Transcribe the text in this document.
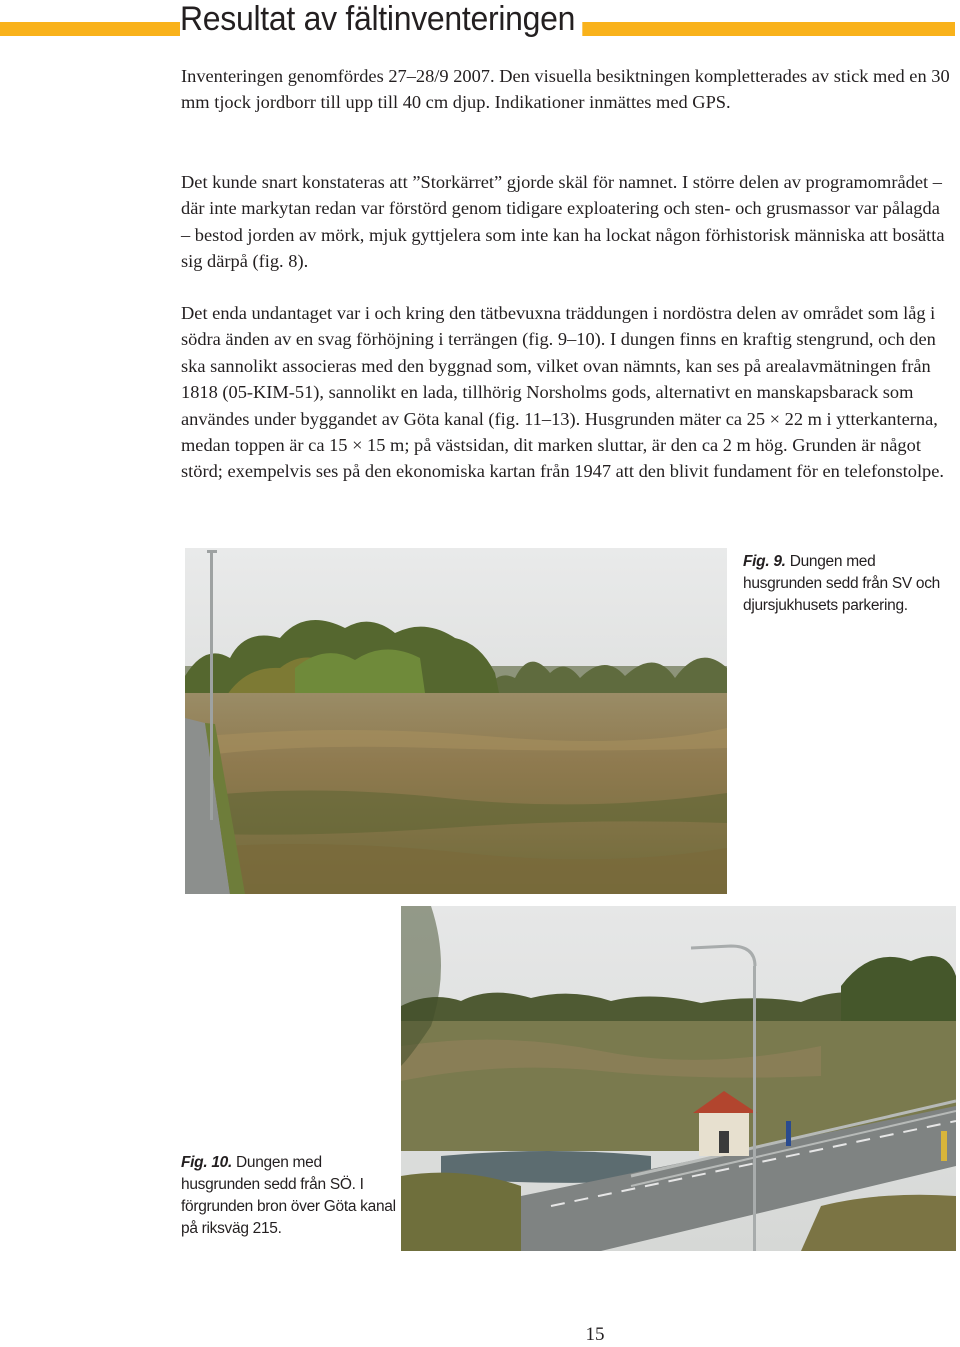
Resultat av fältinventeringen

Inventeringen genomfördes 27–28/9 2007. Den visuella besiktningen kompletterades av stick med en 30 mm tjock jordborr till upp till 40 cm djup. Indikationer inmättes med GPS.

Det kunde snart konstateras att ”Storkärret” gjorde skäl för namnet. I större delen av programområdet – där inte markytan redan var förstörd genom tidigare exploatering och sten- och grusmassor var pålagda – bestod jorden av mörk, mjuk gyttjelera som inte kan ha lockat någon förhistorisk människa att bosätta sig därpå (fig. 8).

Det enda undantaget var i och kring den tätbevuxna träddungen i nordöstra delen av området som låg i södra änden av en svag förhöjning i terrängen (fig. 9–10). I dungen finns en kraftig stengrund, och den ska sannolikt associeras med den byggnad som, vilket ovan nämnts, kan ses på arealavmätningen från 1818 (05-KIM-51), sannolikt en lada, tillhörig Norsholms gods, alternativt en manskapsbarack som användes under byggandet av Göta kanal (fig. 11–13). Husgrunden mäter ca 25 × 22 m i ytterkanterna, medan toppen är ca 15 × 15 m; på västsidan, dit marken sluttar, är den ca 2 m hög. Grunden är något störd; exempelvis ses på den ekonomiska kartan från 1947 att den blivit fundament för en telefonstolpe.

Fig. 9. Dungen med husgrunden sedd från SV och djursjukhusets parkering.

Fig. 10. Dungen med husgrunden sedd från SÖ. I förgrunden bron över Göta kanal på riksväg 215.

15
